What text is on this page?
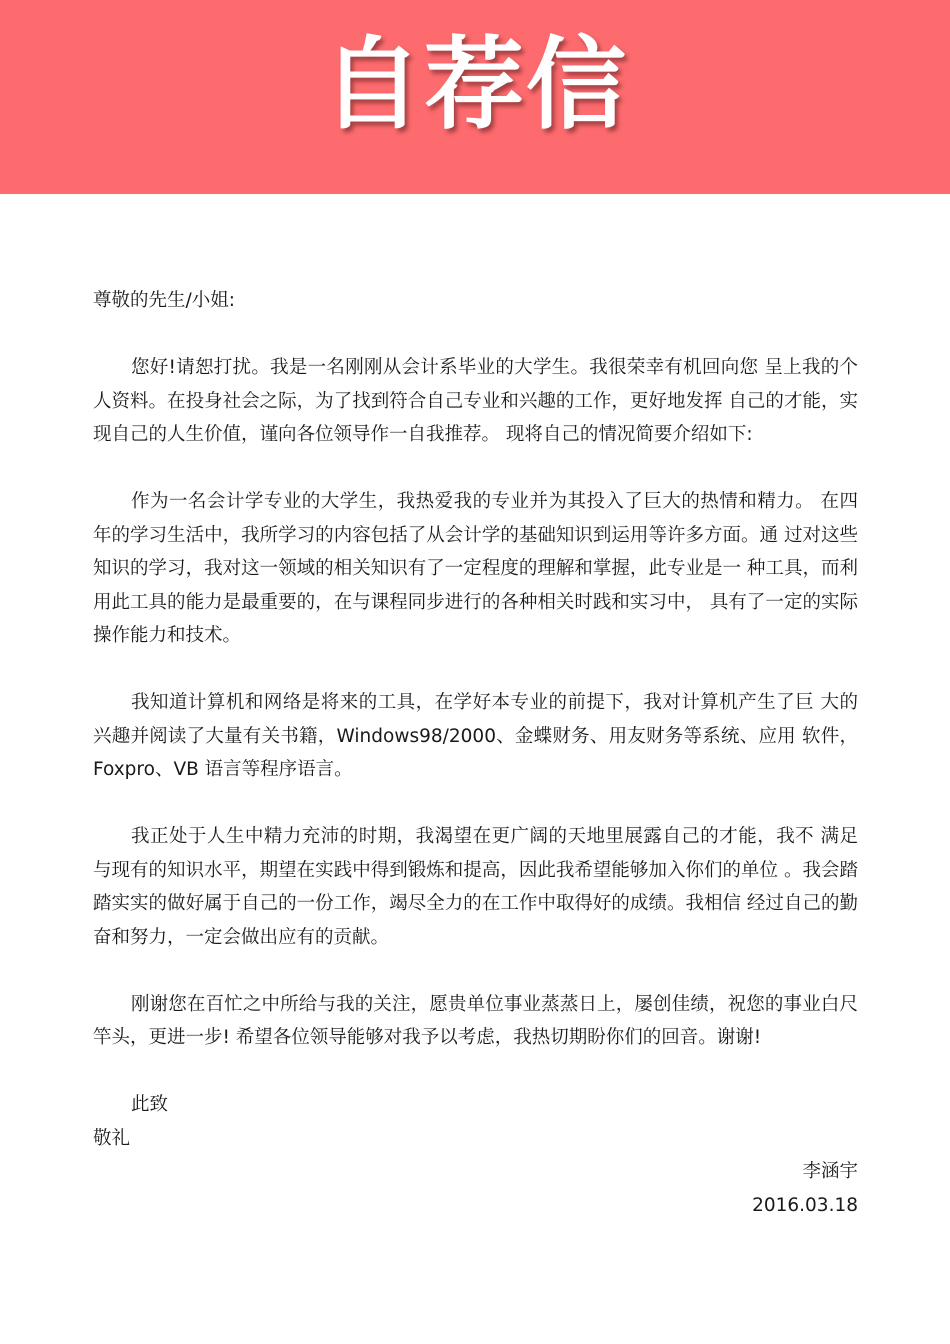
自荐信

尊敬的先生/小姐:

您好!请恕打扰。我是一名刚刚从会计系毕业的大学生。我很荣幸有机回向您 呈上我的个人资料。在投身社会之际，为了找到符合自己专业和兴趣的工作，更好地发挥 自己的才能，实现自己的人生价值，谨向各位领导作一自我推荐。 现将自己的情况简要介绍如下:

作为一名会计学专业的大学生，我热爱我的专业并为其投入了巨大的热情和精力。 在四年的学习生活中，我所学习的内容包括了从会计学的基础知识到运用等许多方面。通 过对这些 知识的学习，我对这一领域的相关知识有了一定程度的理解和掌握，此专业是一 种工具，而利用此工具的能力是最重要的，在与课程同步进行的各种相关时践和实习中， 具有了一定的实际操作能力和技术。

我知道计算机和网络是将来的工具，在学好本专业的前提下，我对计算机产生了巨 大的兴趣并阅读了大量有关书籍，Windows98/2000、金蝶财务、用友财务等系统、应用 软件，Foxpro、VB 语言等程序语言。

我正处于人生中精力充沛的时期，我渴望在更广阔的天地里展露自己的才能，我不 满足与现有的知识水平，期望在实践中得到锻炼和提高，因此我希望能够加入你们的单位 。我会踏踏实实的做好属于自己的一份工作，竭尽全力的在工作中取得好的成绩。我相信 经过自己的勤奋和努力，一定会做出应有的贡献。

刚谢您在百忙之中所给与我的关注，愿贵单位事业蒸蒸日上，屡创佳绩，祝您的事业白尺竿头，更进一步! 希望各位领导能够对我予以考虑，我热切期盼你们的回音。谢谢!

此致

敬礼

李涵宇

2016.03.18
